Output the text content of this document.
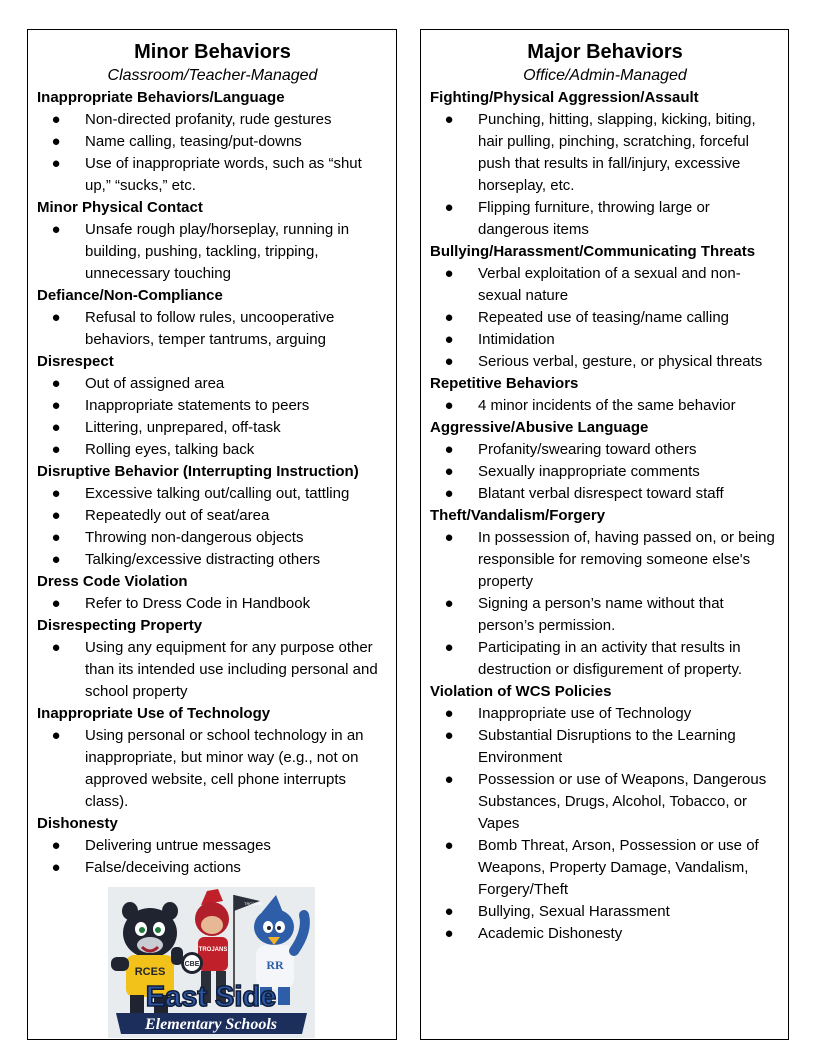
Minor Behaviors

Classroom/Teacher-Managed

Inappropriate Behaviors/Language
● Non-directed profanity, rude gestures
● Name calling, teasing/put-downs
● Use of inappropriate words, such as “shut up,” “sucks,” etc.
Minor Physical Contact
● Unsafe rough play/horseplay, running in building, pushing, tackling, tripping, unnecessary touching
Defiance/Non-Compliance
● Refusal to follow rules, uncooperative behaviors, temper tantrums, arguing
Disrespect
● Out of assigned area
● Inappropriate statements to peers
● Littering, unprepared, off-task
● Rolling eyes, talking back
Disruptive Behavior (Interrupting Instruction)
● Excessive talking out/calling out, tattling
● Repeatedly out of seat/area
● Throwing non-dangerous objects
● Talking/excessive distracting others
Dress Code Violation
● Refer to Dress Code in Handbook
Disrespecting Property
● Using any equipment for any purpose other than its intended use including personal and school property
Inappropriate Use of Technology
● Using personal or school technology in an inappropriate, but minor way (e.g., not on approved website, cell phone interrupts class).
Dishonesty
● Delivering untrue messages
● False/deceiving actions
RCES
TROJANS
CBE
TROJANS
RR
East Side
Elementary Schools
Major Behaviors

Office/Admin-Managed

Fighting/Physical Aggression/Assault
● Punching, hitting, slapping, kicking, biting, hair pulling, pinching, scratching, forceful push that results in fall/injury, excessive horseplay, etc.
● Flipping furniture, throwing large or dangerous items
Bullying/Harassment/Communicating Threats
● Verbal exploitation of a sexual and non-sexual nature
● Repeated use of teasing/name calling
● Intimidation
● Serious verbal, gesture, or physical threats
Repetitive Behaviors
● 4 minor incidents of the same behavior
Aggressive/Abusive Language
● Profanity/swearing toward others
● Sexually inappropriate comments
● Blatant verbal disrespect toward staff
Theft/Vandalism/Forgery
● In possession of, having passed on, or being responsible for removing someone else's property
● Signing a person’s name without that person’s permission.
● Participating in an activity that results in destruction or disfigurement of property.
Violation of WCS Policies
● Inappropriate use of Technology
● Substantial Disruptions to the Learning Environment
● Possession or use of Weapons, Dangerous Substances, Drugs, Alcohol, Tobacco, or Vapes
● Bomb Threat, Arson, Possession or use of Weapons, Property Damage, Vandalism, Forgery/Theft
● Bullying, Sexual Harassment
● Academic Dishonesty
